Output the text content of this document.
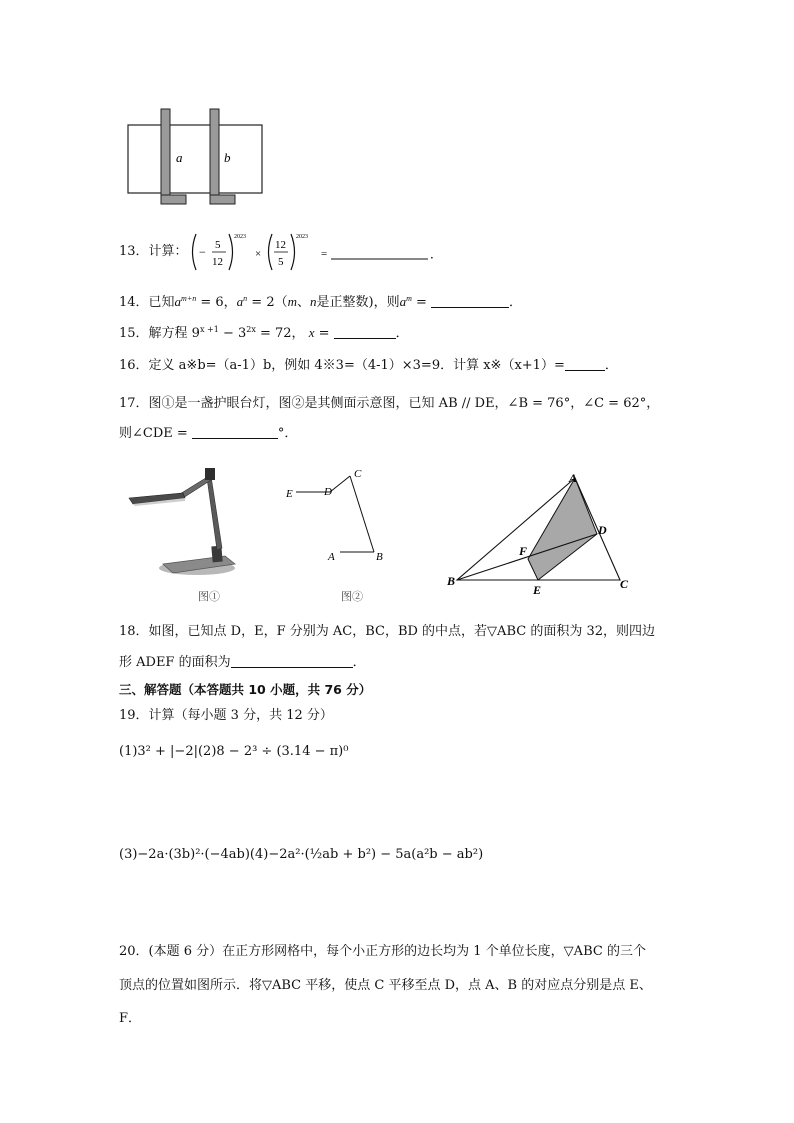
a	b
13．计算： − 5
12
2023
×
12
5
2023
=	．
14．已知$a^{m+n} = 6$，$a^n = 2(m$、n是正整数)，则$a^m$ =	．
15．解方程 $9^{x +1} - 3^{2x} = 72$， x =	．
16．定义 a※b=（a-1）b，例如 4※3=（4-1）×3=9．计算 x※（x+1）=	．
17．图①是一盏护眼台灯，图②是其侧面示意图，已知 AB // DE，∠B = 76°，∠C = 62°，
则∠CDE =	°．
图①
E	D
C
A	B
图②
A
B	C
D
E
F
18．如图，已知点 D，E，F 分别为 AC，BC，BD 的中点，若▽ABC 的面积为 32，则四边
形 ADEF 的面积为	．
三、解答题（本答题共 10 小题，共 76 分）
19．计算（每小题 3 分，共 12 分）
(1)3² + |−2|(2)8 − 2³ ÷ (3.14 − π)⁰
(3)−2a·(3b)²·(−4ab)(4)−2a²·(½ab + b²) − 5a(a²b − ab²)
20．(本题 6 分）在正方形网格中，每个小正方形的边长均为 1 个单位长度，▽ABC 的三个
顶点的位置如图所示．将▽ABC 平移，使点 C 平移至点 D，点 A、B 的对应点分别是点 E、
F．
